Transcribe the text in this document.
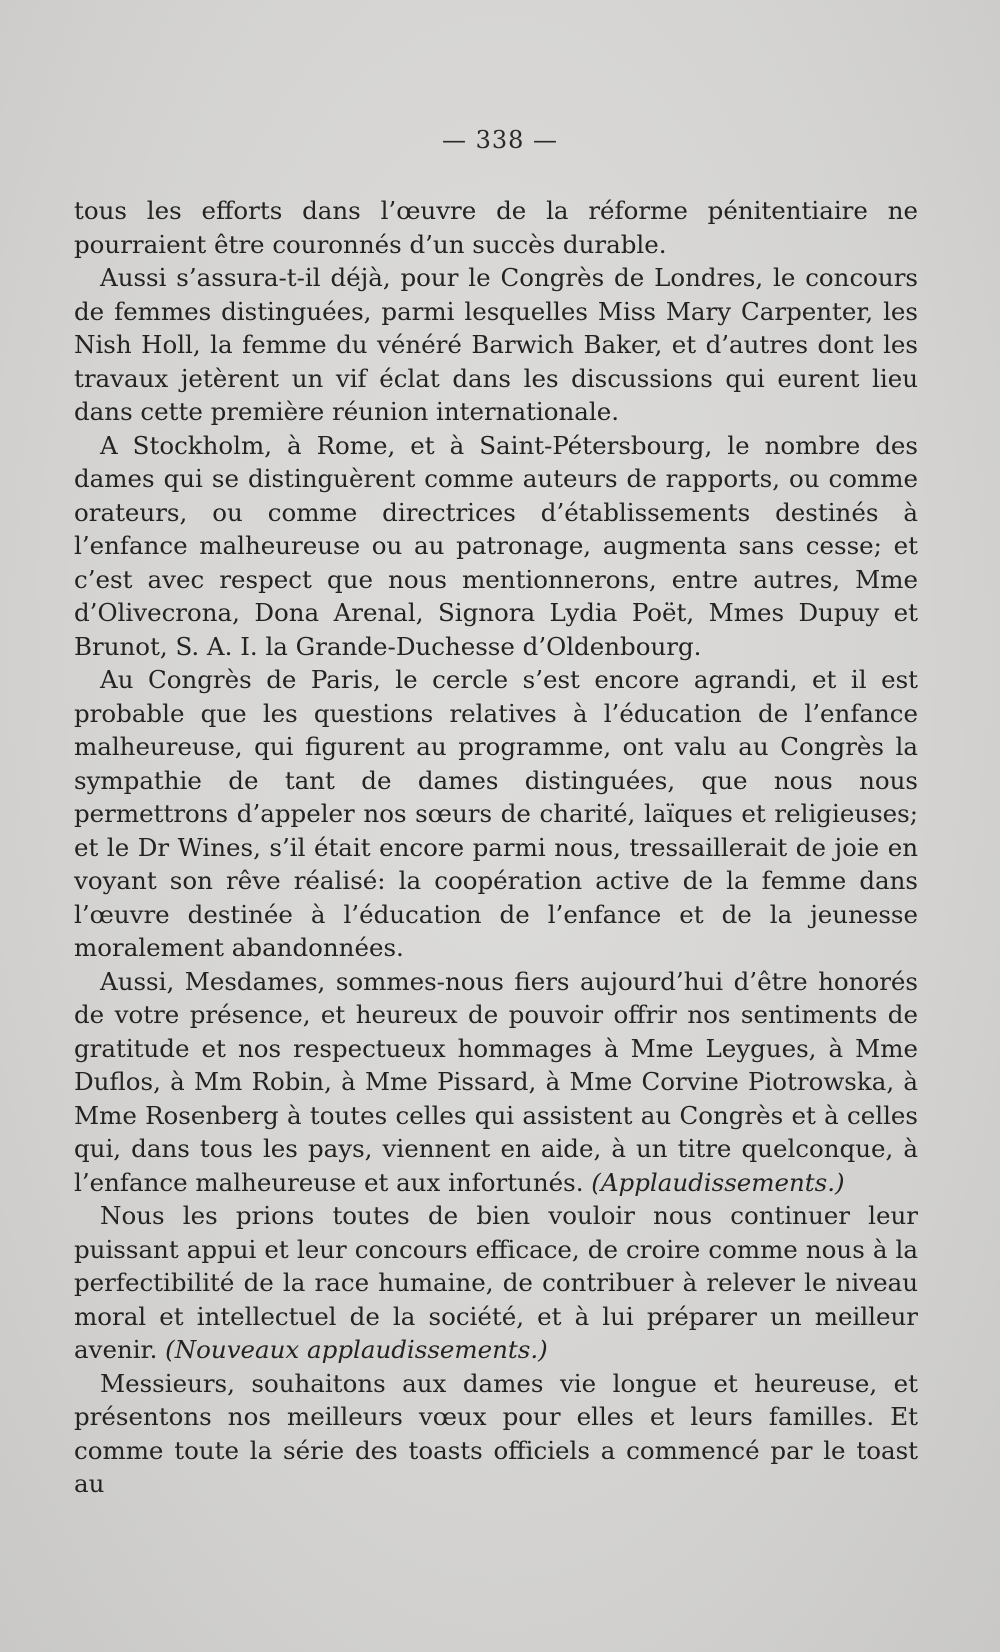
— 338 —

tous les efforts dans l’œuvre de la réforme pénitentiaire ne pourraient être couronnés d’un succès durable.

Aussi s’assura-t-il déjà, pour le Congrès de Londres, le concours de femmes distinguées, parmi lesquelles Miss Mary Carpenter, les Nish Holl, la femme du vénéré Barwich Baker, et d’autres dont les travaux jetèrent un vif éclat dans les discussions qui eurent lieu dans cette première réunion internationale.

A Stockholm, à Rome, et à Saint-Pétersbourg, le nombre des dames qui se distinguèrent comme auteurs de rapports, ou comme orateurs, ou comme directrices d’établissements destinés à l’enfance malheureuse ou au patronage, augmenta sans cesse; et c’est avec respect que nous mentionnerons, entre autres, Mme d’Olivecrona, Dona Arenal, Signora Lydia Poët, Mmes Dupuy et Brunot, S. A. I. la Grande-Duchesse d’Oldenbourg.

Au Congrès de Paris, le cercle s’est encore agrandi, et il est probable que les questions relatives à l’éducation de l’enfance malheureuse, qui figurent au programme, ont valu au Congrès la sympathie de tant de dames distinguées, que nous nous permettrons d’appeler nos sœurs de charité, laïques et religieuses; et le Dr Wines, s’il était encore parmi nous, tressaillerait de joie en voyant son rêve réalisé: la coopération active de la femme dans l’œuvre destinée à l’éducation de l’enfance et de la jeunesse moralement abandonnées.

Aussi, Mesdames, sommes-nous fiers aujourd’hui d’être honorés de votre présence, et heureux de pouvoir offrir nos sentiments de gratitude et nos respectueux hommages à Mme Leygues, à Mme Duflos, à Mm Robin, à Mme Pissard, à Mme Corvine Piotrowska, à Mme Rosenberg à toutes celles qui assistent au Congrès et à celles qui, dans tous les pays, viennent en aide, à un titre quelconque, à l’enfance malheureuse et aux infortunés. (Applaudissements.)

Nous les prions toutes de bien vouloir nous continuer leur puissant appui et leur concours efficace, de croire comme nous à la perfectibilité de la race humaine, de contribuer à relever le niveau moral et intellectuel de la société, et à lui préparer un meilleur avenir. (Nouveaux applaudissements.)

Messieurs, souhaitons aux dames vie longue et heureuse, et présentons nos meilleurs vœux pour elles et leurs familles. Et comme toute la série des toasts officiels a commencé par le toast au
